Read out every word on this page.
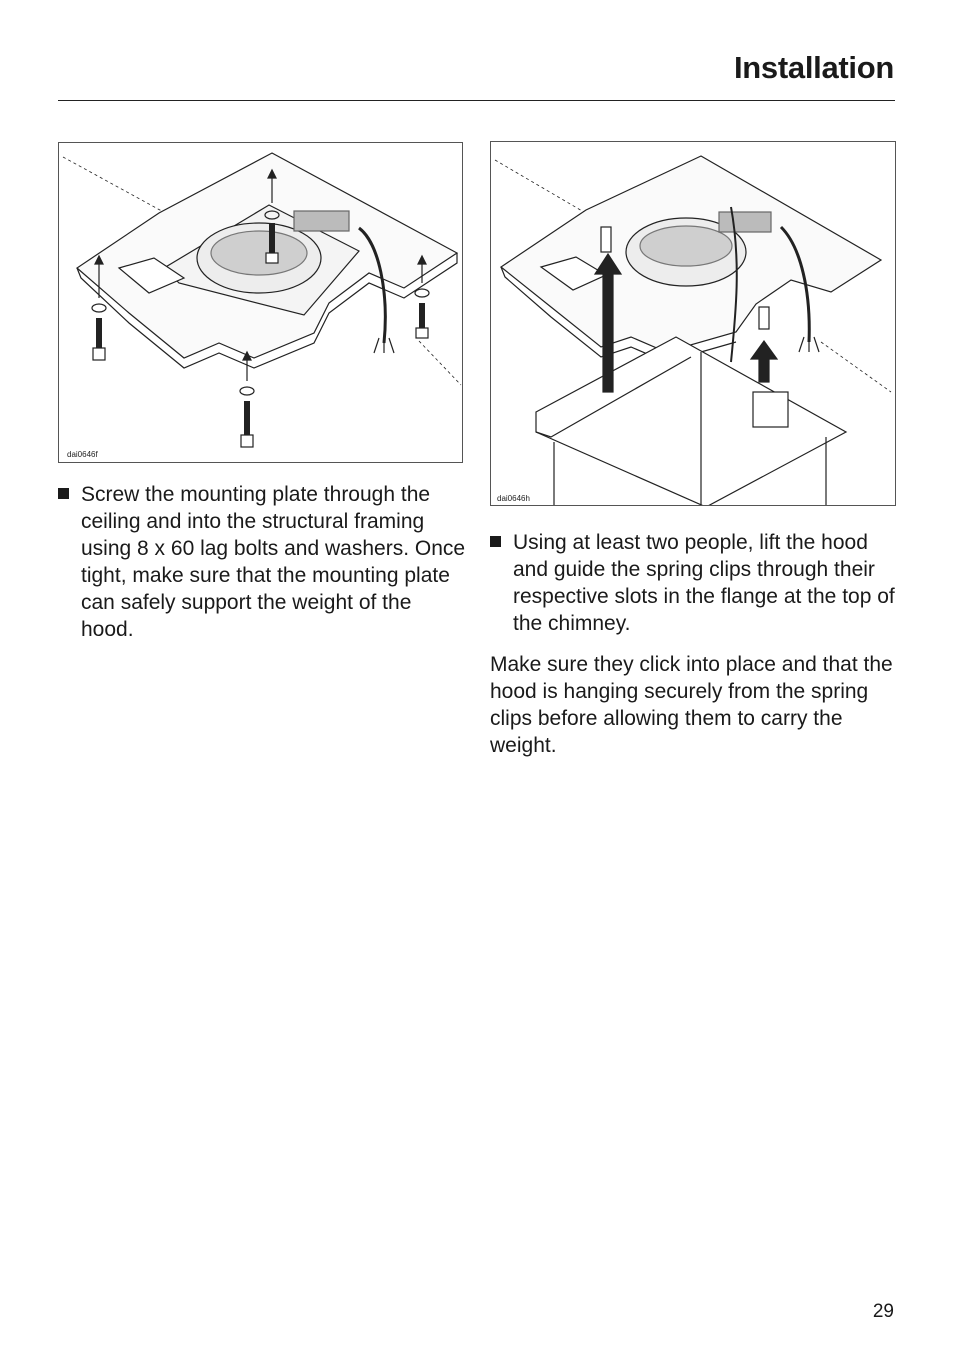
Installation
dai0646f
dai0646h
Screw the mounting plate through the ceiling and into the structural framing using 8 x 60 lag bolts and washers. Once tight, make sure that the mounting plate can safely support the weight of the hood.
Using at least two people, lift the hood and guide the spring clips through their respective slots in the flange at the top of the chimney.
Make sure they click into place and that the hood is hanging securely from the spring clips before allowing them to carry the weight.
29
